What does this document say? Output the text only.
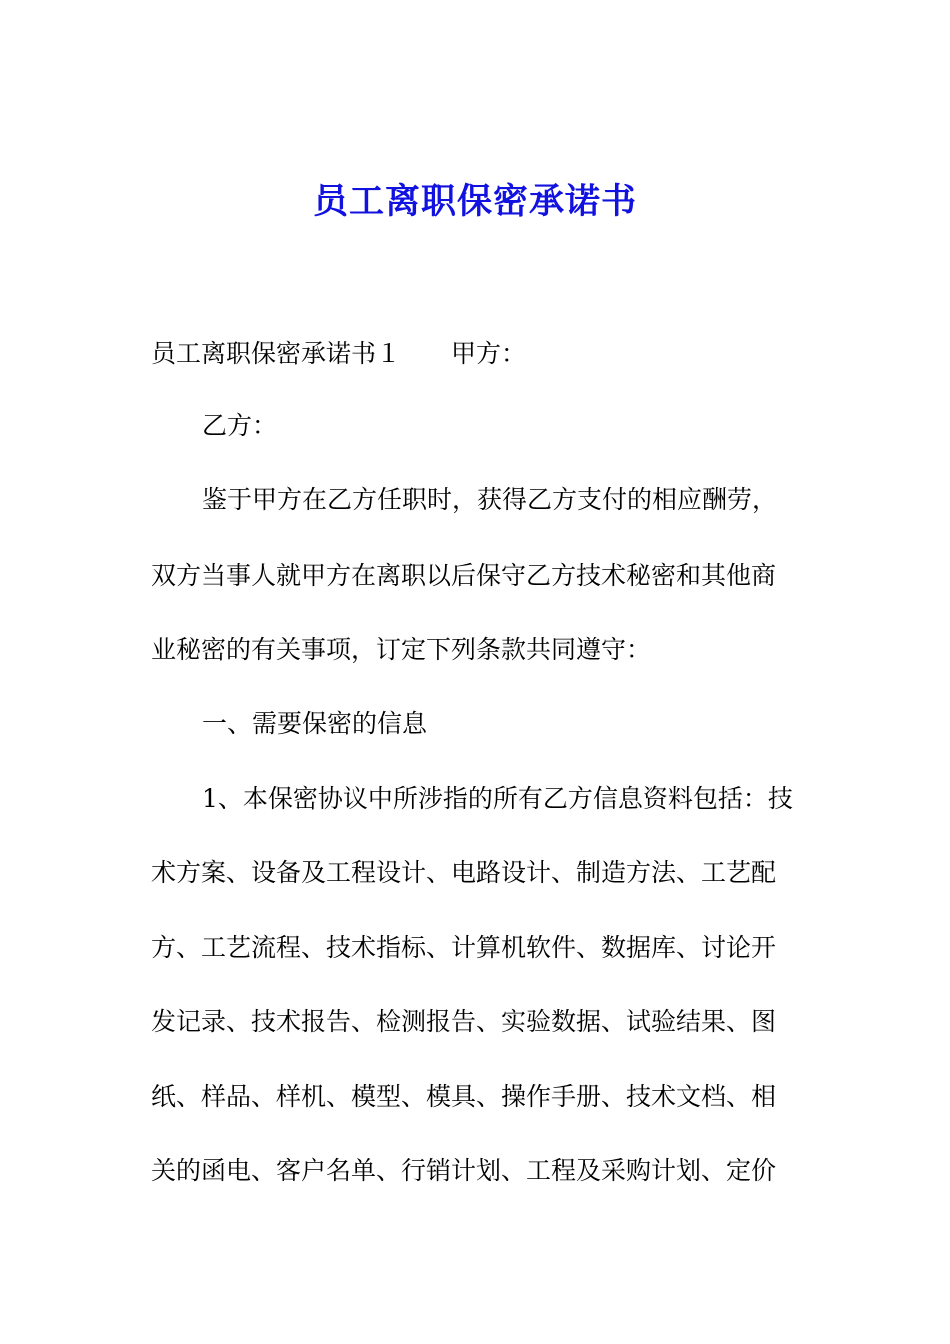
员工离职保密承诺书

员工离职保密承诺书１ 甲方：

乙方：

鉴于甲方在乙方任职时，获得乙方支付的相应酬劳，

双方当事人就甲方在离职以后保守乙方技术秘密和其他商

业秘密的有关事项，订定下列条款共同遵守：

一、需要保密的信息

1、本保密协议中所涉指的所有乙方信息资料包括：技

术方案、设备及工程设计、电路设计、制造方法、工艺配

方、工艺流程、技术指标、计算机软件、数据库、讨论开

发记录、技术报告、检测报告、实验数据、试验结果、图

纸、样品、样机、模型、模具、操作手册、技术文档、相

关的函电、客户名单、行销计划、工程及采购计划、定价
